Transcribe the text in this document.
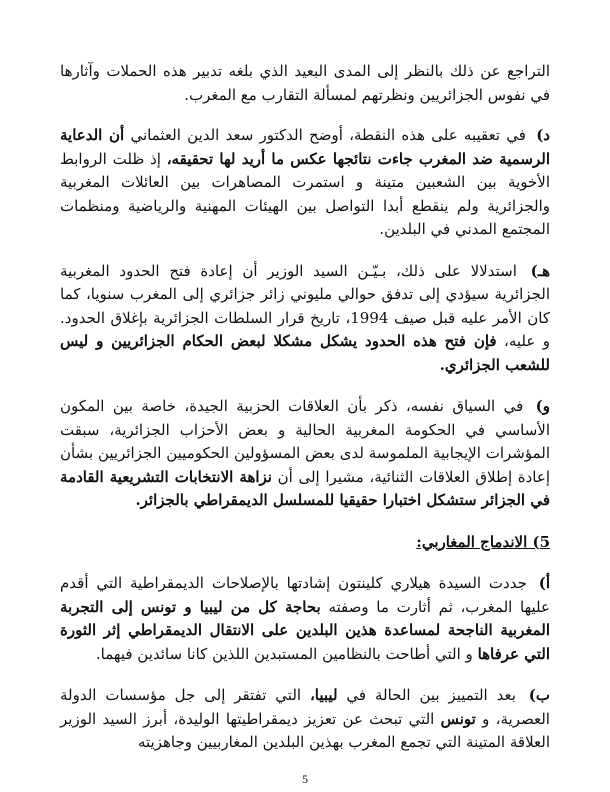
التراجع عن ذلك بالنظر إلى المدى البعيد الذي بلغه تدبير هذه الحملات وآثارها في نفوس الجزائريين ونظرتهم لمسألة التقارب مع المغرب.

د) في تعقيبه على هذه النقطة، أوضح الدكتور سعد الدين العثماني أن الدعاية الرسمية ضد المغرب جاءت نتائجها عكس ما أريد لها تحقيقه، إذ ظلت الروابط الأخوية بين الشعبين متينة و استمرت المصاهرات بين العائلات المغربية والجزائرية ولم ينقطع أبدا التواصل بين الهيئات المهنية والرياضية ومنظمات المجتمع المدني في البلدين.

هـ) استدلالا على ذلك، بـيّـن السيد الوزير أن إعادة فتح الحدود المغربية الجزائرية سيؤدي إلى تدفق حوالي مليوني زائر جزائري إلى المغرب سنويا، كما كان الأمر عليه قبل صيف 1994، تاريخ قرار السلطات الجزائرية بإغلاق الحدود. و عليه، فإن فتح هذه الحدود يشكل مشكلا لبعض الحكام الجزائريين و ليس للشعب الجزائري.

و) في السياق نفسه، ذكر بأن العلاقات الحزبية الجيدة، خاصة بين المكون الأساسي في الحكومة المغربية الحالية و بعض الأحزاب الجزائرية، سبقت المؤشرات الإيجابية الملموسة لدى بعض المسؤولين الحكوميين الجزائريين بشأن إعادة إطلاق العلاقات الثنائية، مشيرا إلى أن نزاهة الانتخابات التشريعية القادمة في الجزائر ستشكل اختبارا حقيقيا للمسلسل الديمقراطي بالجزائر.

5) الاندماج المغاربي:

أ) جددت السيدة هيلاري كلينتون إشادتها بالإصلاحات الديمقراطية التي أقدم عليها المغرب، ثم أثارت ما وصفته بحاجة كل من ليبيا و تونس إلى التجربة المغربية الناجحة لمساعدة هذين البلدين على الانتقال الديمقراطي إثر الثورة التي عرفاها و التي أطاحت بالنظامين المستبدين اللذين كانا سائدين فيهما.

ب) بعد التمييز بين الحالة في ليبيا، التي تفتقر إلى جل مؤسسات الدولة العصرية، و تونس التي تبحث عن تعزيز ديمقراطيتها الوليدة، أبرز السيد الوزير العلاقة المتينة التي تجمع المغرب بهذين البلدين المغاربيين وجاهزيته

5
